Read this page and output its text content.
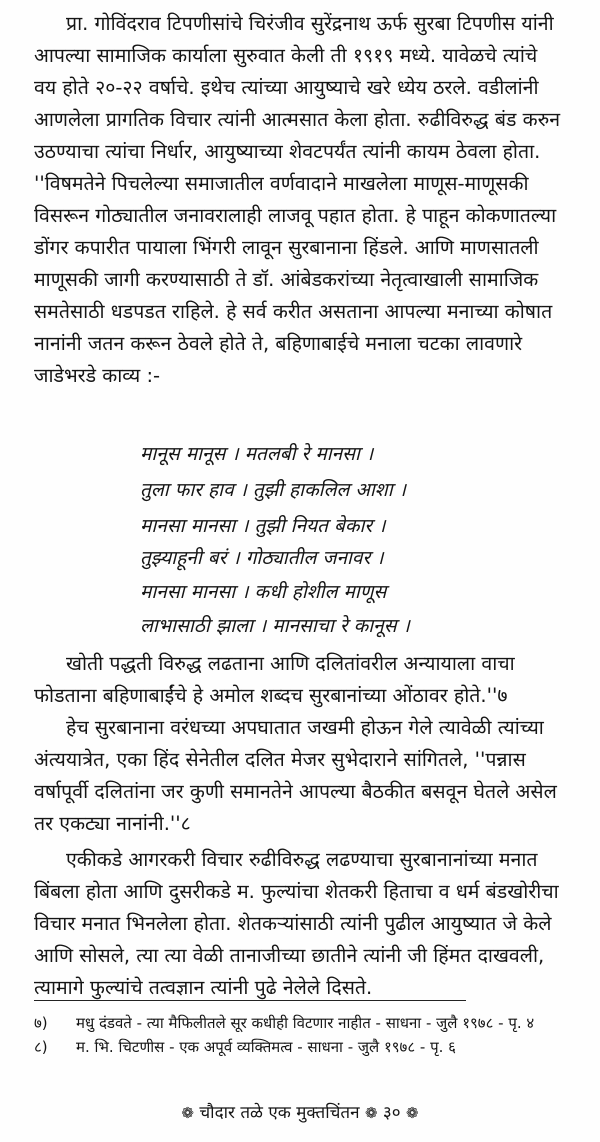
प्रा. गोविंदराव टिपणीसांचे चिरंजीव सुरेंद्रनाथ ऊर्फ सुरबा टिपणीस यांनी
आपल्या सामाजिक कार्याला सुरुवात केली ती १९१९ मध्ये. यावेळचे त्यांचे
वय होते २०-२२ वर्षाचे. इथेच त्यांच्या आयुष्याचे खरे ध्येय ठरले. वडीलांनी
आणलेला प्रागतिक विचार त्यांनी आत्मसात केला होता. रुढीविरुद्ध बंड करुन
उठण्याचा त्यांचा निर्धार, आयुष्याच्या शेवटपर्यंत त्यांनी कायम ठेवला होता.
''विषमतेने पिचलेल्या समाजातील वर्णवादाने माखलेला माणूस-माणूसकी
विसरून गोठ्यातील जनावरालाही लाजवू पहात होता. हे पाहून कोकणातल्या
डोंगर कपारीत पायाला भिंगरी लावून सुरबानाना हिंडले. आणि माणसातली
माणूसकी जागी करण्यासाठी ते डॉ. आंबेडकरांच्या नेतृत्वाखाली सामाजिक
समतेसाठी धडपडत राहिले. हे सर्व करीत असताना आपल्या मनाच्या कोषात
नानांनी जतन करून ठेवले होते ते, बहिणाबाईचे मनाला चटका लावणारे
जाडेभरडे काव्य :-
मानूस मानूस । मतलबी रे मानसा ।
तुला फार हाव । तुझी हाकलिल आशा ।
मानसा मानसा । तुझी नियत बेकार ।
तुझ्याहूनी बरं । गोठ्यातील जनावर ।
मानसा मानसा । कधी होशील माणूस
लाभासाठी झाला । मानसाचा रे कानूस ।
खोती पद्धती विरुद्ध लढताना आणि दलितांवरील अन्यायाला वाचा
फोडताना बहिणाबाईंचे हे अमोल शब्दच सुरबानांच्या ओंठावर होते.''७
हेच सुरबानाना वरंधच्या अपघातात जखमी होऊन गेले त्यावेळी त्यांच्या
अंत्ययात्रेत, एका हिंद सेनेतील दलित मेजर सुभेदाराने सांगितले, ''पन्नास
वर्षापूर्वी दलितांना जर कुणी समानतेने आपल्या बैठकीत बसवून घेतले असेल
तर एकट्या नानांनी.''८
एकीकडे आगरकरी विचार रुढीविरुद्ध लढण्याचा सुरबानानांच्या मनात
बिंबला होता आणि दुसरीकडे म. फुल्यांचा शेतकरी हिताचा व धर्म बंडखोरीचा
विचार मनात भिनलेला होता. शेतकऱ्यांसाठी त्यांनी पुढील आयुष्यात जे केले
आणि सोसले, त्या त्या वेळी तानाजीच्या छातीने त्यांनी जी हिंमत दाखवली,
त्यामागे फुल्यांचे तत्वज्ञान त्यांनी पुढे नेलेले दिसते.
७) मधु दंडवते - त्या मैफिलीतले सूर कधीही विटणार नाहीत - साधना - जुलै १९७८ - पृ. ४
८) म. भि. चिटणीस - एक अपूर्व व्यक्तिमत्व - साधना - जुलै १९७८ - पृ. ६
❁ चौदार तळे एक मुक्तचिंतन ❁ ३० ❁
